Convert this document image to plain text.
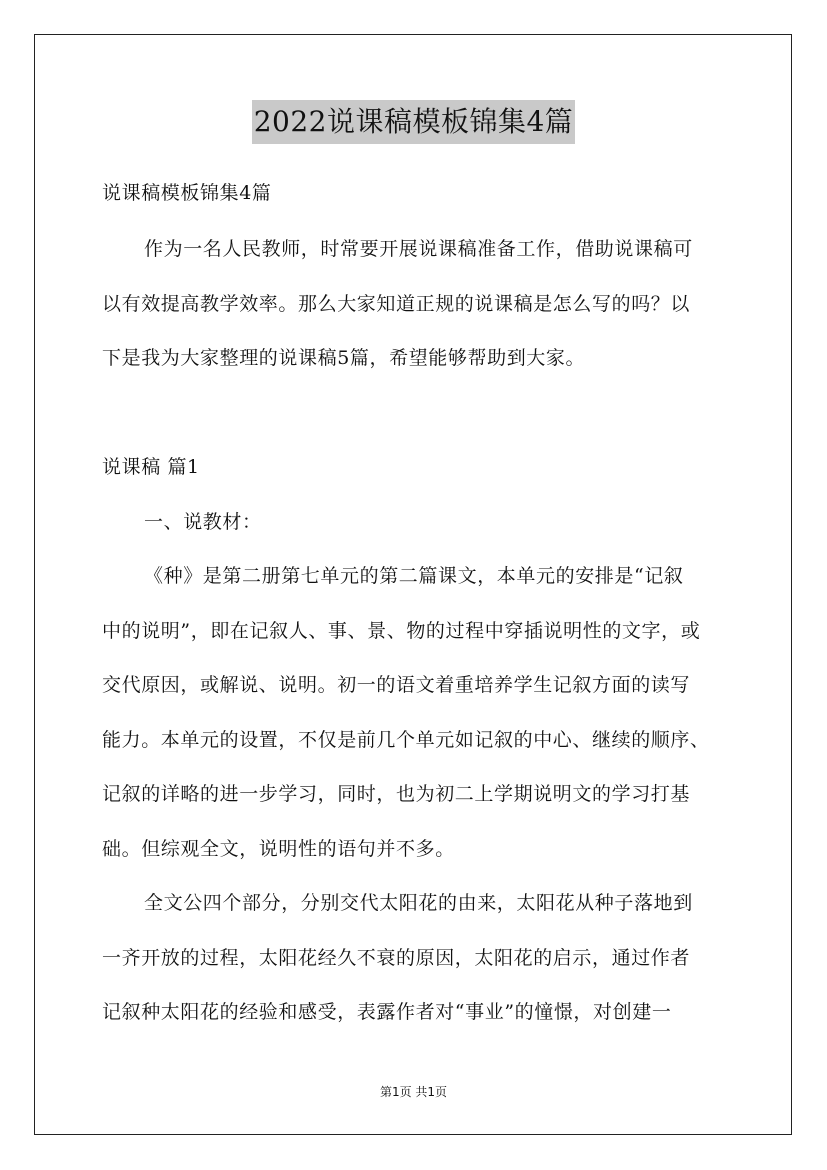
2022说课稿模板锦集4篇
说课稿模板锦集4篇
作为一名人民教师，时常要开展说课稿准备工作，借助说课稿可
以有效提高教学效率。那么大家知道正规的说课稿是怎么写的吗？以
下是我为大家整理的说课稿5篇，希望能够帮助到大家。
说课稿 篇1
一、说教材：
《种》是第二册第七单元的第二篇课文，本单元的安排是“记叙
中的说明”，即在记叙人、事、景、物的过程中穿插说明性的文字，或
交代原因，或解说、说明。初一的语文着重培养学生记叙方面的读写
能力。本单元的设置，不仅是前几个单元如记叙的中心、继续的顺序、
记叙的详略的进一步学习，同时，也为初二上学期说明文的学习打基
础。但综观全文，说明性的语句并不多。
全文公四个部分，分别交代太阳花的由来，太阳花从种子落地到
一齐开放的过程，太阳花经久不衰的原因，太阳花的启示，通过作者
记叙种太阳花的经验和感受，表露作者对“事业”的憧憬，对创建一
第1页 共1页
